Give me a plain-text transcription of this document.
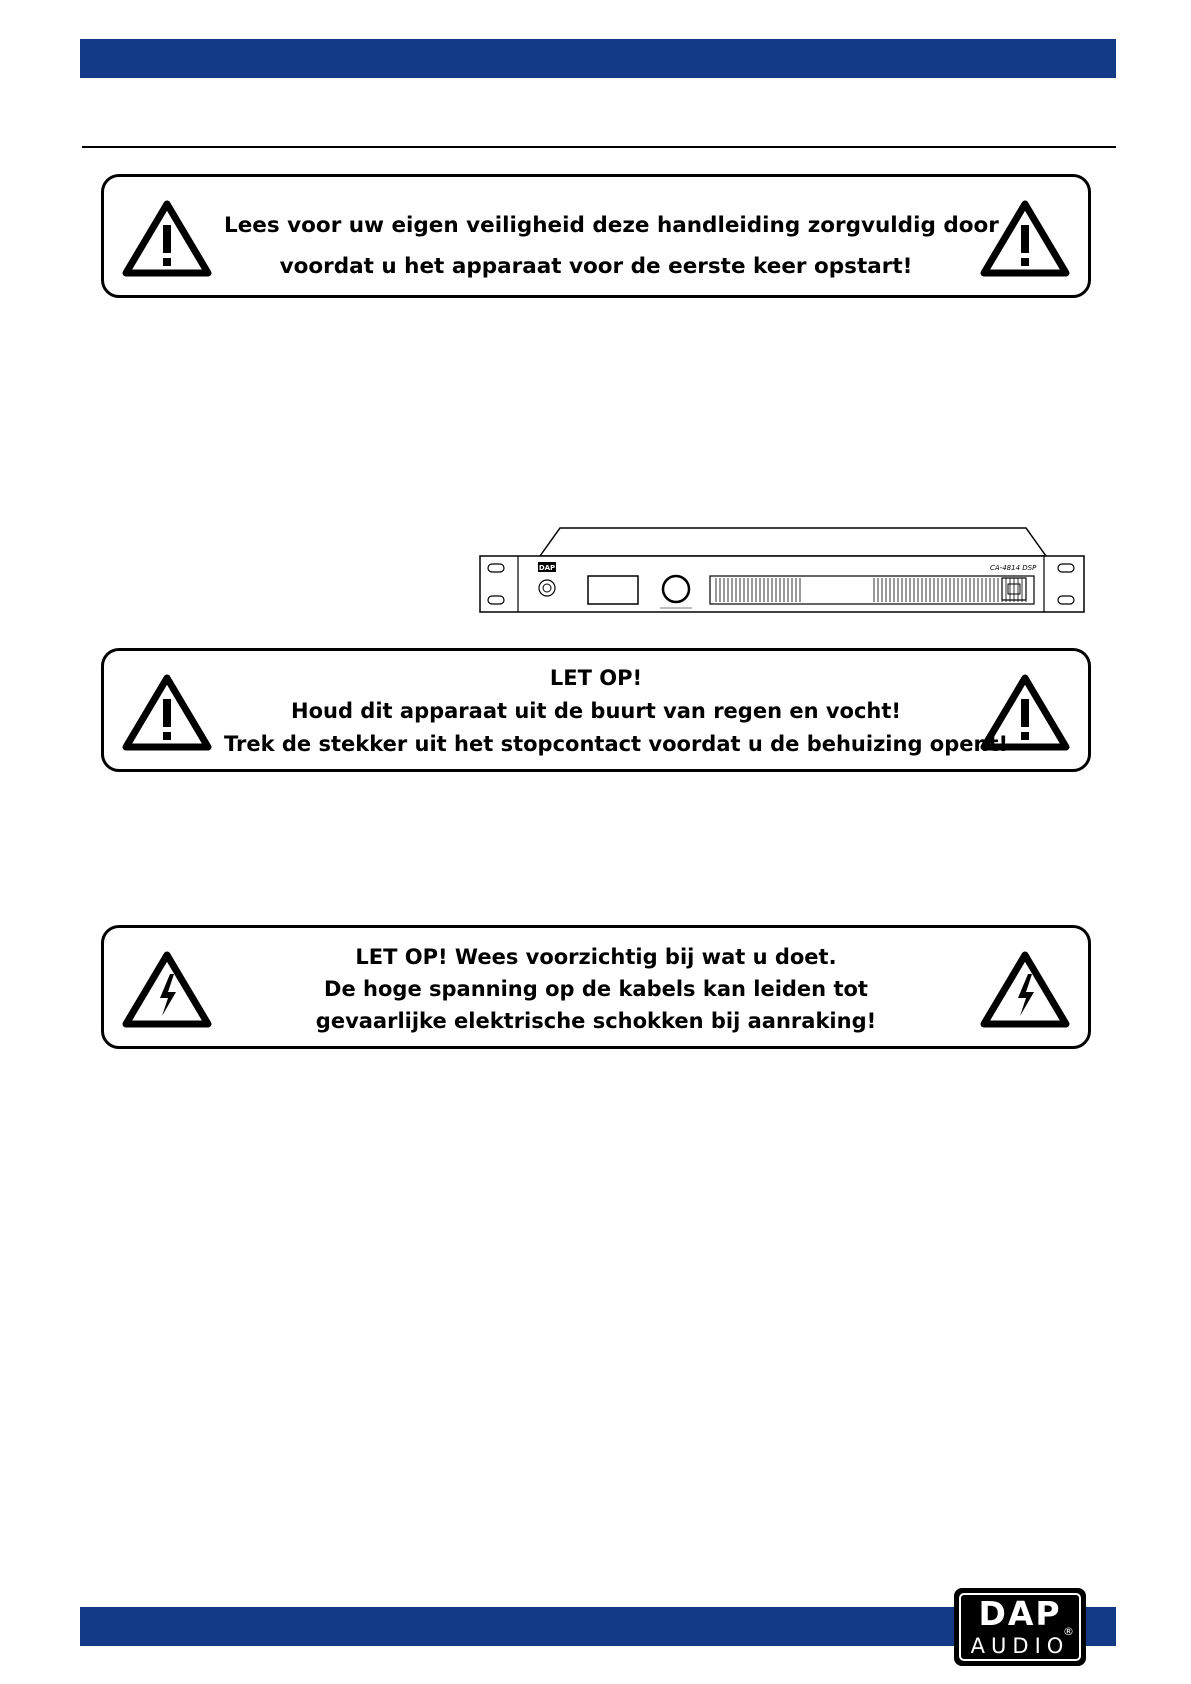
Lees voor uw eigen veiligheid deze handleiding zorgvuldig door
voordat u het apparaat voor de eerste keer opstart!
DAP	CA-4814 DSP
LET OP!
Houd dit apparaat uit de buurt van regen en vocht!
Trek de stekker uit het stopcontact voordat u de behuizing opent!
LET OP! Wees voorzichtig bij wat u doet.
De hoge spanning op de kabels kan leiden tot
gevaarlijke elektrische schokken bij aanraking!
DAP ®
AUDIO
